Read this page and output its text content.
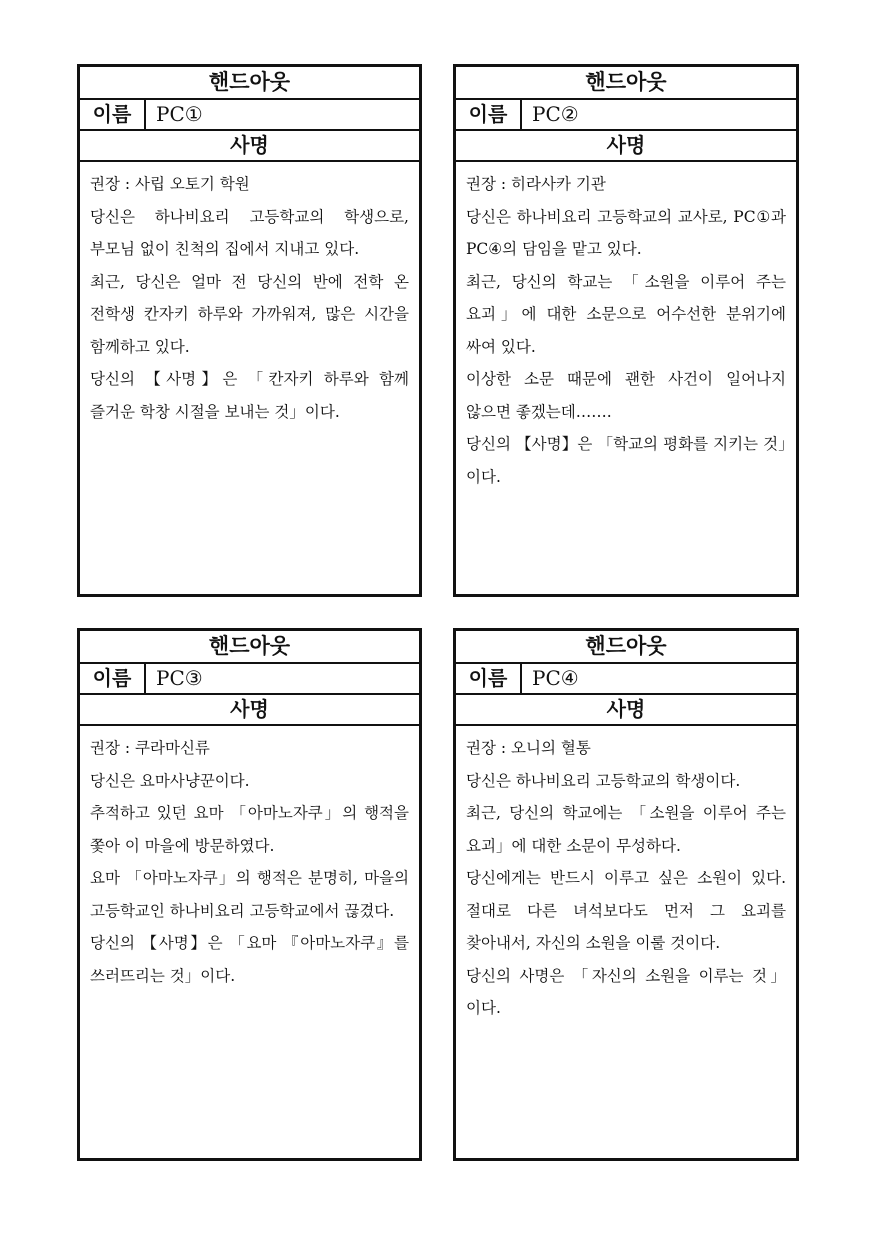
핸드아웃
이름	PC①
사명

권장 : 사립 오토기 학원

당신은 하나비요리 고등학교의 학생으로, 부모님 없이 친척의 집에서 지내고 있다.

최근, 당신은 얼마 전 당신의 반에 전학 온 전학생 칸자키 하루와 가까워져, 많은 시간을 함께하고 있다.

당신의 【사명】은 「칸자키 하루와 함께 즐거운 학창 시절을 보내는 것」이다.

핸드아웃
이름	PC②
사명

권장 : 히라사카 기관

당신은 하나비요리 고등학교의 교사로, PC①과 PC④의 담임을 맡고 있다.

최근, 당신의 학교는 「소원을 이루어 주는 요괴」에 대한 소문으로 어수선한 분위기에 싸여 있다.

이상한 소문 때문에 괜한 사건이 일어나지 않으면 좋겠는데…….

당신의 【사명】은 「학교의 평화를 지키는 것」이다.

핸드아웃
이름	PC③
사명

권장 : 쿠라마신류

당신은 요마사냥꾼이다.

추적하고 있던 요마 「아마노자쿠」의 행적을 쫓아 이 마을에 방문하였다.

요마 「아마노자쿠」의 행적은 분명히, 마을의 고등학교인 하나비요리 고등학교에서 끊겼다.

당신의 【사명】은 「요마 『아마노자쿠』를 쓰러뜨리는 것」이다.

핸드아웃
이름	PC④
사명

권장 : 오니의 혈통

당신은 하나비요리 고등학교의 학생이다.

최근, 당신의 학교에는 「소원을 이루어 주는 요괴」에 대한 소문이 무성하다.

당신에게는 반드시 이루고 싶은 소원이 있다. 절대로 다른 녀석보다도 먼저 그 요괴를 찾아내서, 자신의 소원을 이룰 것이다.

당신의 사명은 「자신의 소원을 이루는 것」이다.
